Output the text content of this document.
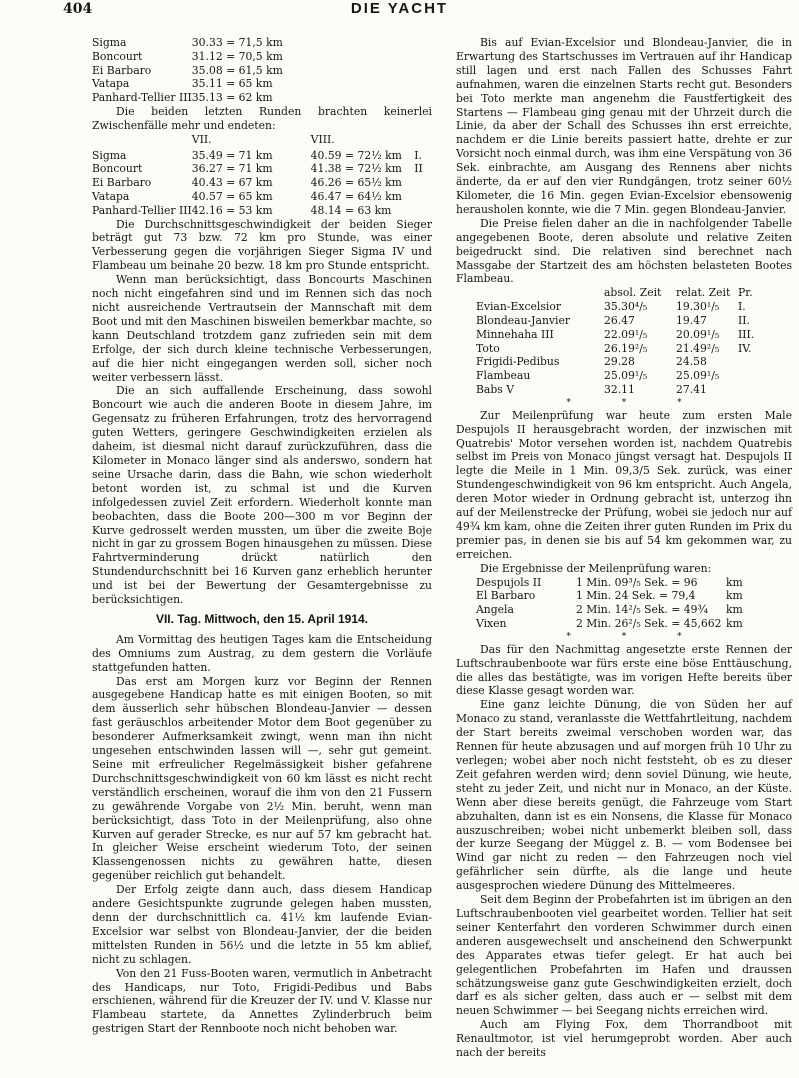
404	DIE YACHT
Sigma	30.33 = 71,5 km
Boncourt	31.12 = 70,5 km
Ei Barbaro	35.08 = 61,5 km
Vatapa	35.11 = 65 km
Panhard-Tellier III	35.13 = 62 km

Die beiden letzten Runden brachten keinerlei Zwischenfälle mehr und endeten:

	VII.	VIII.	
Sigma	35.49 = 71 km	40.59 = 72½ km	I.
Boncourt	36.27 = 71 km	41.38 = 72½ km	II
Ei Barbaro	40.43 = 67 km	46.26 = 65½ km	
Vatapa	40.57 = 65 km	46.47 = 64½ km	
Panhard-Tellier III	42.16 = 53 km	48.14 = 63 km	

Die Durchschnittsgeschwindigkeit der beiden Sieger beträgt gut 73 bzw. 72 km pro Stunde, was einer Verbesserung gegen die vorjährigen Sieger Sigma IV und Flambeau um beinahe 20 bezw. 18 km pro Stunde entspricht.

Wenn man berücksichtigt, dass Boncourts Maschinen noch nicht eingefahren sind und im Rennen sich das noch nicht ausreichende Vertrautsein der Mannschaft mit dem Boot und mit den Maschinen bisweilen bemerkbar machte, so kann Deutschland trotzdem ganz zufrieden sein mit dem Erfolge, der sich durch kleine technische Verbesserungen, auf die hier nicht eingegangen werden soll, sicher noch weiter verbessern lässt.

Die an sich auffallende Erscheinung, dass sowohl Boncourt wie auch die anderen Boote in diesem Jahre, im Gegensatz zu früheren Erfahrungen, trotz des hervorragend guten Wetters, geringere Geschwindigkeiten erzielen als daheim, ist diesmal nicht darauf zurückzuführen, dass die Kilometer in Monaco länger sind als anderswo, sondern hat seine Ursache darin, dass die Bahn, wie schon wiederholt betont worden ist, zu schmal ist und die Kurven infolgedessen zuviel Zeit erfordern. Wiederholt konnte man beobachten, dass die Boote 200—300 m vor Beginn der Kurve gedrosselt werden mussten, um über die zweite Boje nicht in gar zu grossem Bogen hinausgehen zu müssen. Diese Fahrtverminderung drückt natürlich den Stundendurchschnitt bei 16 Kurven ganz erheblich herunter und ist bei der Bewertung der Gesamtergebnisse zu berücksichtigen.

VII. Tag. Mittwoch, den 15. April 1914.

Am Vormittag des heutigen Tages kam die Entscheidung des Omniums zum Austrag, zu dem gestern die Vorläufe stattgefunden hatten.

Das erst am Morgen kurz vor Beginn der Rennen ausgegebene Handicap hatte es mit einigen Booten, so mit dem äusserlich sehr hübschen Blondeau-Janvier — dessen fast geräuschlos arbeitender Motor dem Boot gegenüber zu besonderer Aufmerksamkeit zwingt, wenn man ihn nicht ungesehen entschwinden lassen will —, sehr gut gemeint. Seine mit erfreulicher Regelmässigkeit bisher gefahrene Durchschnittsgeschwindigkeit von 60 km lässt es nicht recht verständlich erscheinen, worauf die ihm von den 21 Fussern zu gewährende Vorgabe von 2½ Min. beruht, wenn man berücksichtigt, dass Toto in der Meilenprüfung, also ohne Kurven auf gerader Strecke, es nur auf 57 km gebracht hat. In gleicher Weise erscheint wiederum Toto, der seinen Klassengenossen nichts zu gewähren hatte, diesen gegenüber reichlich gut behandelt.

Der Erfolg zeigte dann auch, dass diesem Handicap andere Gesichtspunkte zugrunde gelegen haben mussten, denn der durchschnittlich ca. 41½ km laufende Evian-Excelsior war selbst von Blondeau-Janvier, der die beiden mittelsten Runden in 56½ und die letzte in 55 km ablief, nicht zu schlagen.

Von den 21 Fuss-Booten waren, vermutlich in Anbetracht des Handicaps, nur Toto, Frigidi-Pedibus und Babs erschienen, während für die Kreuzer der IV. und V. Klasse nur Flambeau startete, da Annettes Zylinderbruch beim gestrigen Start der Rennboote noch nicht behoben war.

Bis auf Evian-Excelsior und Blondeau-Janvier, die in Erwartung des Startschusses im Vertrauen auf ihr Handicap still lagen und erst nach Fallen des Schusses Fahrt aufnahmen, waren die einzelnen Starts recht gut. Besonders bei Toto merkte man angenehm die Faustfertigkeit des Startens — Flambeau ging genau mit der Uhrzeit durch die Linie, da aber der Schall des Schusses ihn erst erreichte, nachdem er die Linie bereits passiert hatte, drehte er zur Vorsicht noch einmal durch, was ihm eine Verspätung von 36 Sek. einbrachte, am Ausgang des Rennens aber nichts änderte, da er auf den vier Rundgängen, trotz seiner 60½ Kilometer, die 16 Min. gegen Evian-Excelsior ebensowenig herausholen konnte, wie die 7 Min. gegen Blondeau-Janvier.

Die Preise fielen daher an die in nachfolgender Tabelle angegebenen Boote, deren absolute und relative Zeiten beigedruckt sind. Die relativen sind berechnet nach Massgabe der Startzeit des am höchsten belasteten Bootes Flambeau.

	absol. Zeit	relat. Zeit	Pr.
Evian-Excelsior	35.30⁴/₅	19.30¹/₅	I.
Blondeau-Janvier	26.47	19.47	II.
Minnehaha III	22.09¹/₅	20.09¹/₅	III.
Toto	26.19²/₅	21.49²/₅	IV.
Frigidi-Pedibus	29.28	24.58	
Flambeau	25.09¹/₅	25.09¹/₅	
Babs V	32.11	27.41	
* * *

Zur Meilenprüfung war heute zum ersten Male Despujols II herausgebracht worden, der inzwischen mit Quatrebis' Motor versehen worden ist, nachdem Quatrebis selbst im Preis von Monaco jüngst versagt hat. Despujols II legte die Meile in 1 Min. 09,3/5 Sek. zurück, was einer Stundengeschwindigkeit von 96 km entspricht. Auch Angela, deren Motor wieder in Ordnung gebracht ist, unterzog ihn auf der Meilenstrecke der Prüfung, wobei sie jedoch nur auf 49¾ km kam, ohne die Zeiten ihrer guten Runden im Prix du premier pas, in denen sie bis auf 54 km gekommen war, zu erreichen.

Die Ergebnisse der Meilenprüfung waren:

Despujols II	1 Min. 09³/₅ Sek. = 96	km
El Barbaro	1 Min. 24 Sek. = 79,4	km
Angela	2 Min. 14²/₅ Sek. = 49¾	km
Vixen	2 Min. 26²/₅ Sek. = 45,662	km
* * *

Das für den Nachmittag angesetzte erste Rennen der Luftschraubenboote war fürs erste eine böse Enttäuschung, die alles das bestätigte, was im vorigen Hefte bereits über diese Klasse gesagt worden war.

Eine ganz leichte Dünung, die von Süden her auf Monaco zu stand, veranlasste die Wettfahrtleitung, nachdem der Start bereits zweimal verschoben worden war, das Rennen für heute abzusagen und auf morgen früh 10 Uhr zu verlegen; wobei aber noch nicht feststeht, ob es zu dieser Zeit gefahren werden wird; denn soviel Dünung, wie heute, steht zu jeder Zeit, und nicht nur in Monaco, an der Küste. Wenn aber diese bereits genügt, die Fahrzeuge vom Start abzuhalten, dann ist es ein Nonsens, die Klasse für Monaco auszuschreiben; wobei nicht unbemerkt bleiben soll, dass der kurze Seegang der Müggel z. B. — vom Bodensee bei Wind gar nicht zu reden — den Fahrzeugen noch viel gefährlicher sein dürfte, als die lange und heute ausgesprochen wiedere Dünung des Mittelmeeres.

Seit dem Beginn der Probefahrten ist im übrigen an den Luftschraubenbooten viel gearbeitet worden. Tellier hat seit seiner Kenterfahrt den vorderen Schwimmer durch einen anderen ausgewechselt und anscheinend den Schwerpunkt des Apparates etwas tiefer gelegt. Er hat auch bei gelegentlichen Probefahrten im Hafen und draussen schätzungsweise ganz gute Geschwindigkeiten erzielt, doch darf es als sicher gelten, dass auch er — selbst mit dem neuen Schwimmer — bei Seegang nichts erreichen wird.

Auch am Flying Fox, dem Thorrandboot mit Renaultmotor, ist viel herumgeprobt worden. Aber auch nach der bereits
